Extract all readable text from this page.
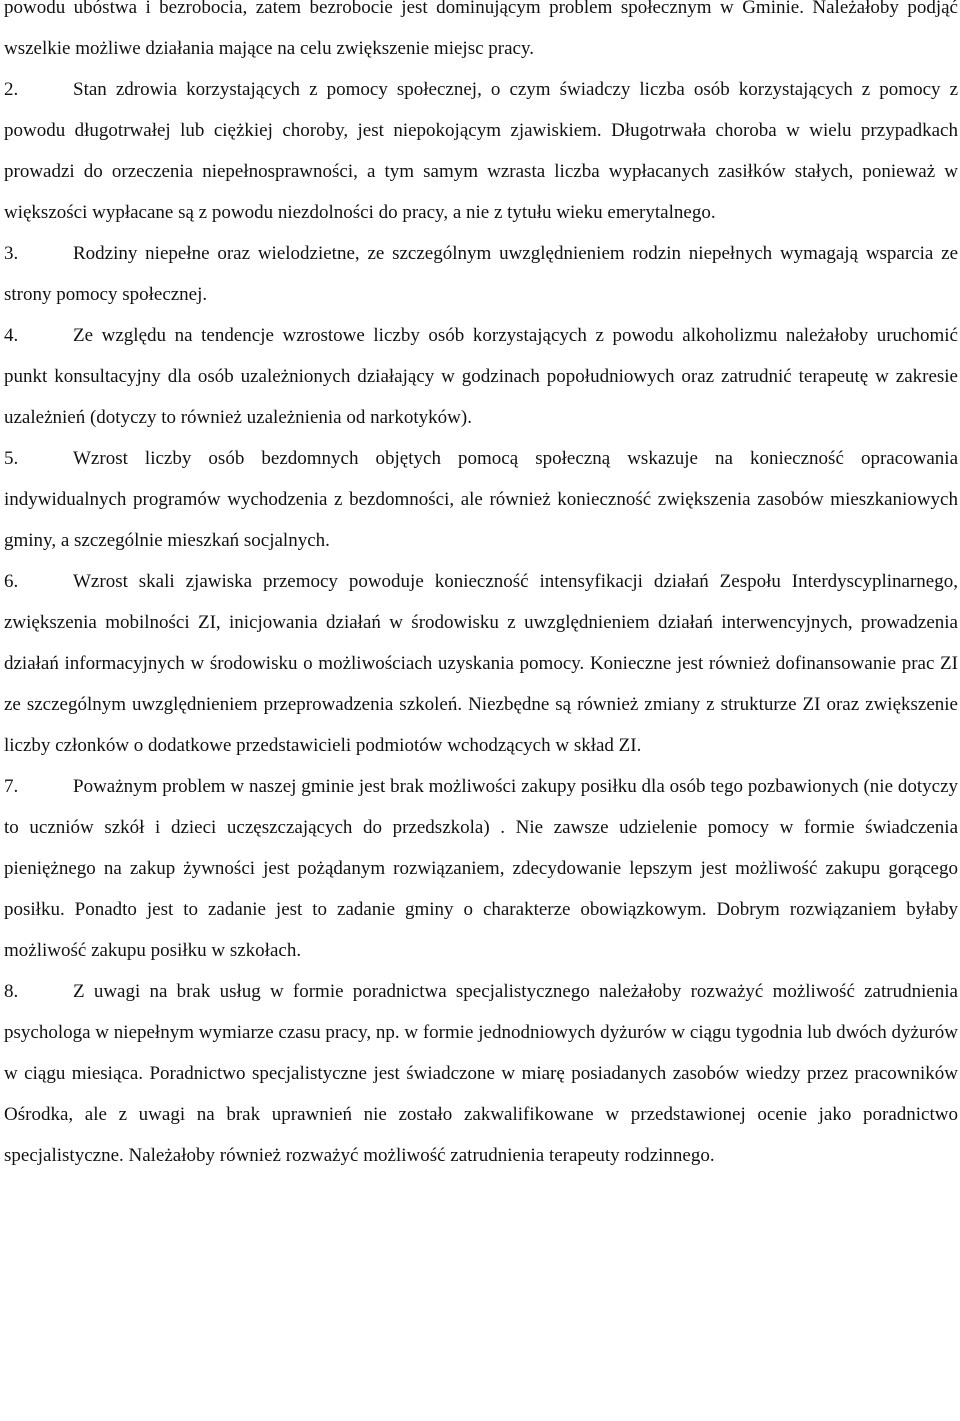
powodu ubóstwa i bezrobocia, zatem bezrobocie jest dominującym problem społecznym w Gminie. Należałoby podjąć wszelkie możliwe działania mające na celu zwiększenie miejsc pracy.

2.	Stan zdrowia korzystających z pomocy społecznej, o czym świadczy liczba osób korzystających z pomocy z powodu długotrwałej lub ciężkiej choroby, jest niepokojącym zjawiskiem. Długotrwała choroba w wielu przypadkach prowadzi do orzeczenia niepełnosprawności, a tym samym wzrasta liczba wypłacanych zasiłków stałych, ponieważ w większości wypłacane są z powodu niezdolności do pracy, a nie z tytułu wieku emerytalnego.

3.	Rodziny niepełne oraz wielodzietne, ze szczególnym uwzględnieniem rodzin niepełnych wymagają wsparcia ze strony pomocy społecznej.

4.	Ze względu na tendencje wzrostowe liczby osób korzystających z powodu alkoholizmu należałoby uruchomić punkt konsultacyjny dla osób uzależnionych działający w godzinach popołudniowych oraz zatrudnić terapeutę w zakresie uzależnień (dotyczy to również uzależnienia od narkotyków).

5.	Wzrost liczby osób bezdomnych objętych pomocą społeczną wskazuje na konieczność opracowania indywidualnych programów wychodzenia z bezdomności, ale również konieczność zwiększenia zasobów mieszkaniowych gminy, a szczególnie mieszkań socjalnych.

6.	Wzrost skali zjawiska przemocy powoduje konieczność intensyfikacji działań Zespołu Interdyscyplinarnego, zwiększenia mobilności ZI, inicjowania działań w środowisku z uwzględnieniem działań interwencyjnych, prowadzenia działań informacyjnych w środowisku o możliwościach uzyskania pomocy. Konieczne jest również dofinansowanie prac ZI ze szczególnym uwzględnieniem przeprowadzenia szkoleń. Niezbędne są również zmiany z strukturze ZI oraz zwiększenie liczby członków o dodatkowe przedstawicieli podmiotów wchodzących w skład ZI.

7.	Poważnym problem w naszej gminie jest brak możliwości zakupy posiłku dla osób tego pozbawionych (nie dotyczy to uczniów szkół i dzieci uczęszczających do przedszkola) . Nie zawsze udzielenie pomocy w formie świadczenia pieniężnego na zakup żywności jest pożądanym rozwiązaniem, zdecydowanie lepszym jest możliwość zakupu gorącego posiłku. Ponadto jest to zadanie jest to zadanie gminy o charakterze obowiązkowym. Dobrym rozwiązaniem byłaby możliwość zakupu posiłku w szkołach.

8.	Z uwagi na brak usług w formie poradnictwa specjalistycznego należałoby rozważyć możliwość zatrudnienia psychologa w niepełnym wymiarze czasu pracy, np. w formie jednodniowych dyżurów w ciągu tygodnia lub dwóch dyżurów w ciągu miesiąca. Poradnictwo specjalistyczne jest świadczone w miarę posiadanych zasobów wiedzy przez pracowników Ośrodka, ale z uwagi na brak uprawnień nie zostało zakwalifikowane w przedstawionej ocenie jako poradnictwo specjalistyczne. Należałoby również rozważyć możliwość zatrudnienia terapeuty rodzinnego.
